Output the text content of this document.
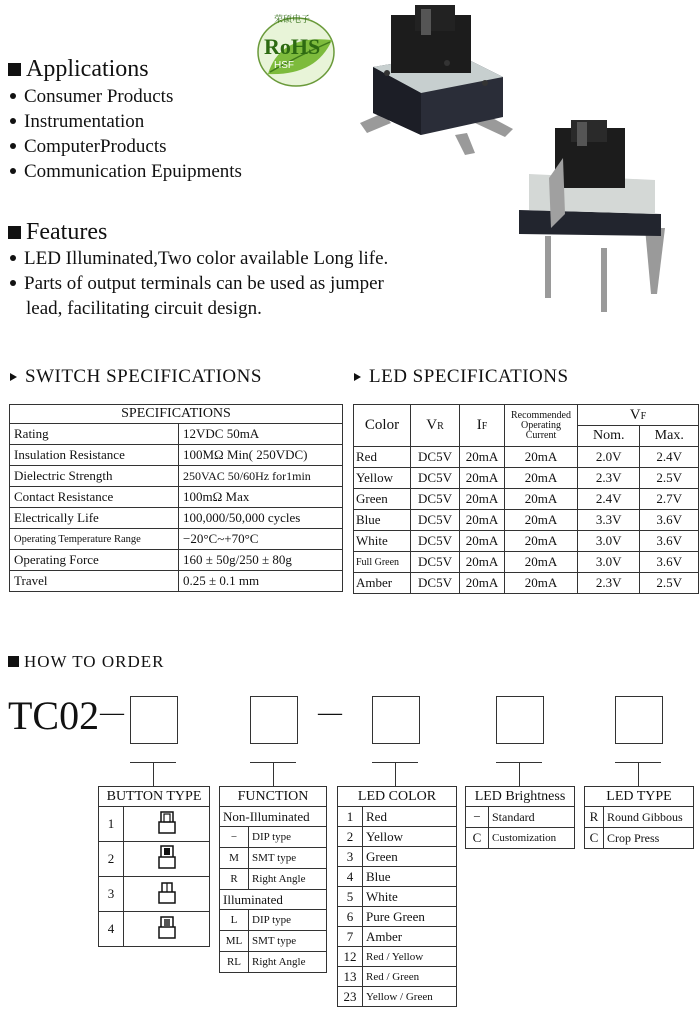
荣硕电子
RoHS
HSF
Applications
Consumer Products
Instrumentation
ComputerProducts
Communication Epuipments
Features
LED Illuminated,Two color available Long life.
Parts of output terminals can be used as jumper
lead, facilitating circuit design.
SWITCH SPECIFICATIONS
SPECIFICATIONS	
Rating	12VDC 50mA
Insulation Resistance	100MΩ Min( 250VDC)
Dielectric Strength	250VAC 50/60Hz for1min
Contact Resistance	100mΩ Max
Electrically Life	100,000/50,000 cycles
Operating Temperature Range	−20°C~+70°C
Operating Force	160 ± 50g/250 ± 80g
Travel	0.25 ± 0.1 mm
LED SPECIFICATIONS
Color	VR	IF	Recommended
Operating
Current	VF	
				Nom.	Max.
Red	DC5V	20mA	20mA	2.0V	2.4V
Yellow	DC5V	20mA	20mA	2.3V	2.5V
Green	DC5V	20mA	20mA	2.4V	2.7V
Blue	DC5V	20mA	20mA	3.3V	3.6V
White	DC5V	20mA	20mA	3.0V	3.6V
Full Green	DC5V	20mA	20mA	3.0V	3.6V
Amber	DC5V	20mA	20mA	2.3V	2.5V
HOW TO ORDER
TC02 —	—
BUTTON TYPE	
1	
2	
3	
4	
FUNCTION	
Non-Illuminated	
−	DIP type
M	SMT type
R	Right Angle
Illuminated	
L	DIP type
ML	SMT type
RL	Right Angle
LED COLOR	
1	Red
2	Yellow
3	Green
4	Blue
5	White
6	Pure Green
7	Amber
12	Red / Yellow
13	Red / Green
23	Yellow / Green
LED Brightness	
−	Standard
C	Customization
LED TYPE	
R	Round Gibbous
C	Crop Press
